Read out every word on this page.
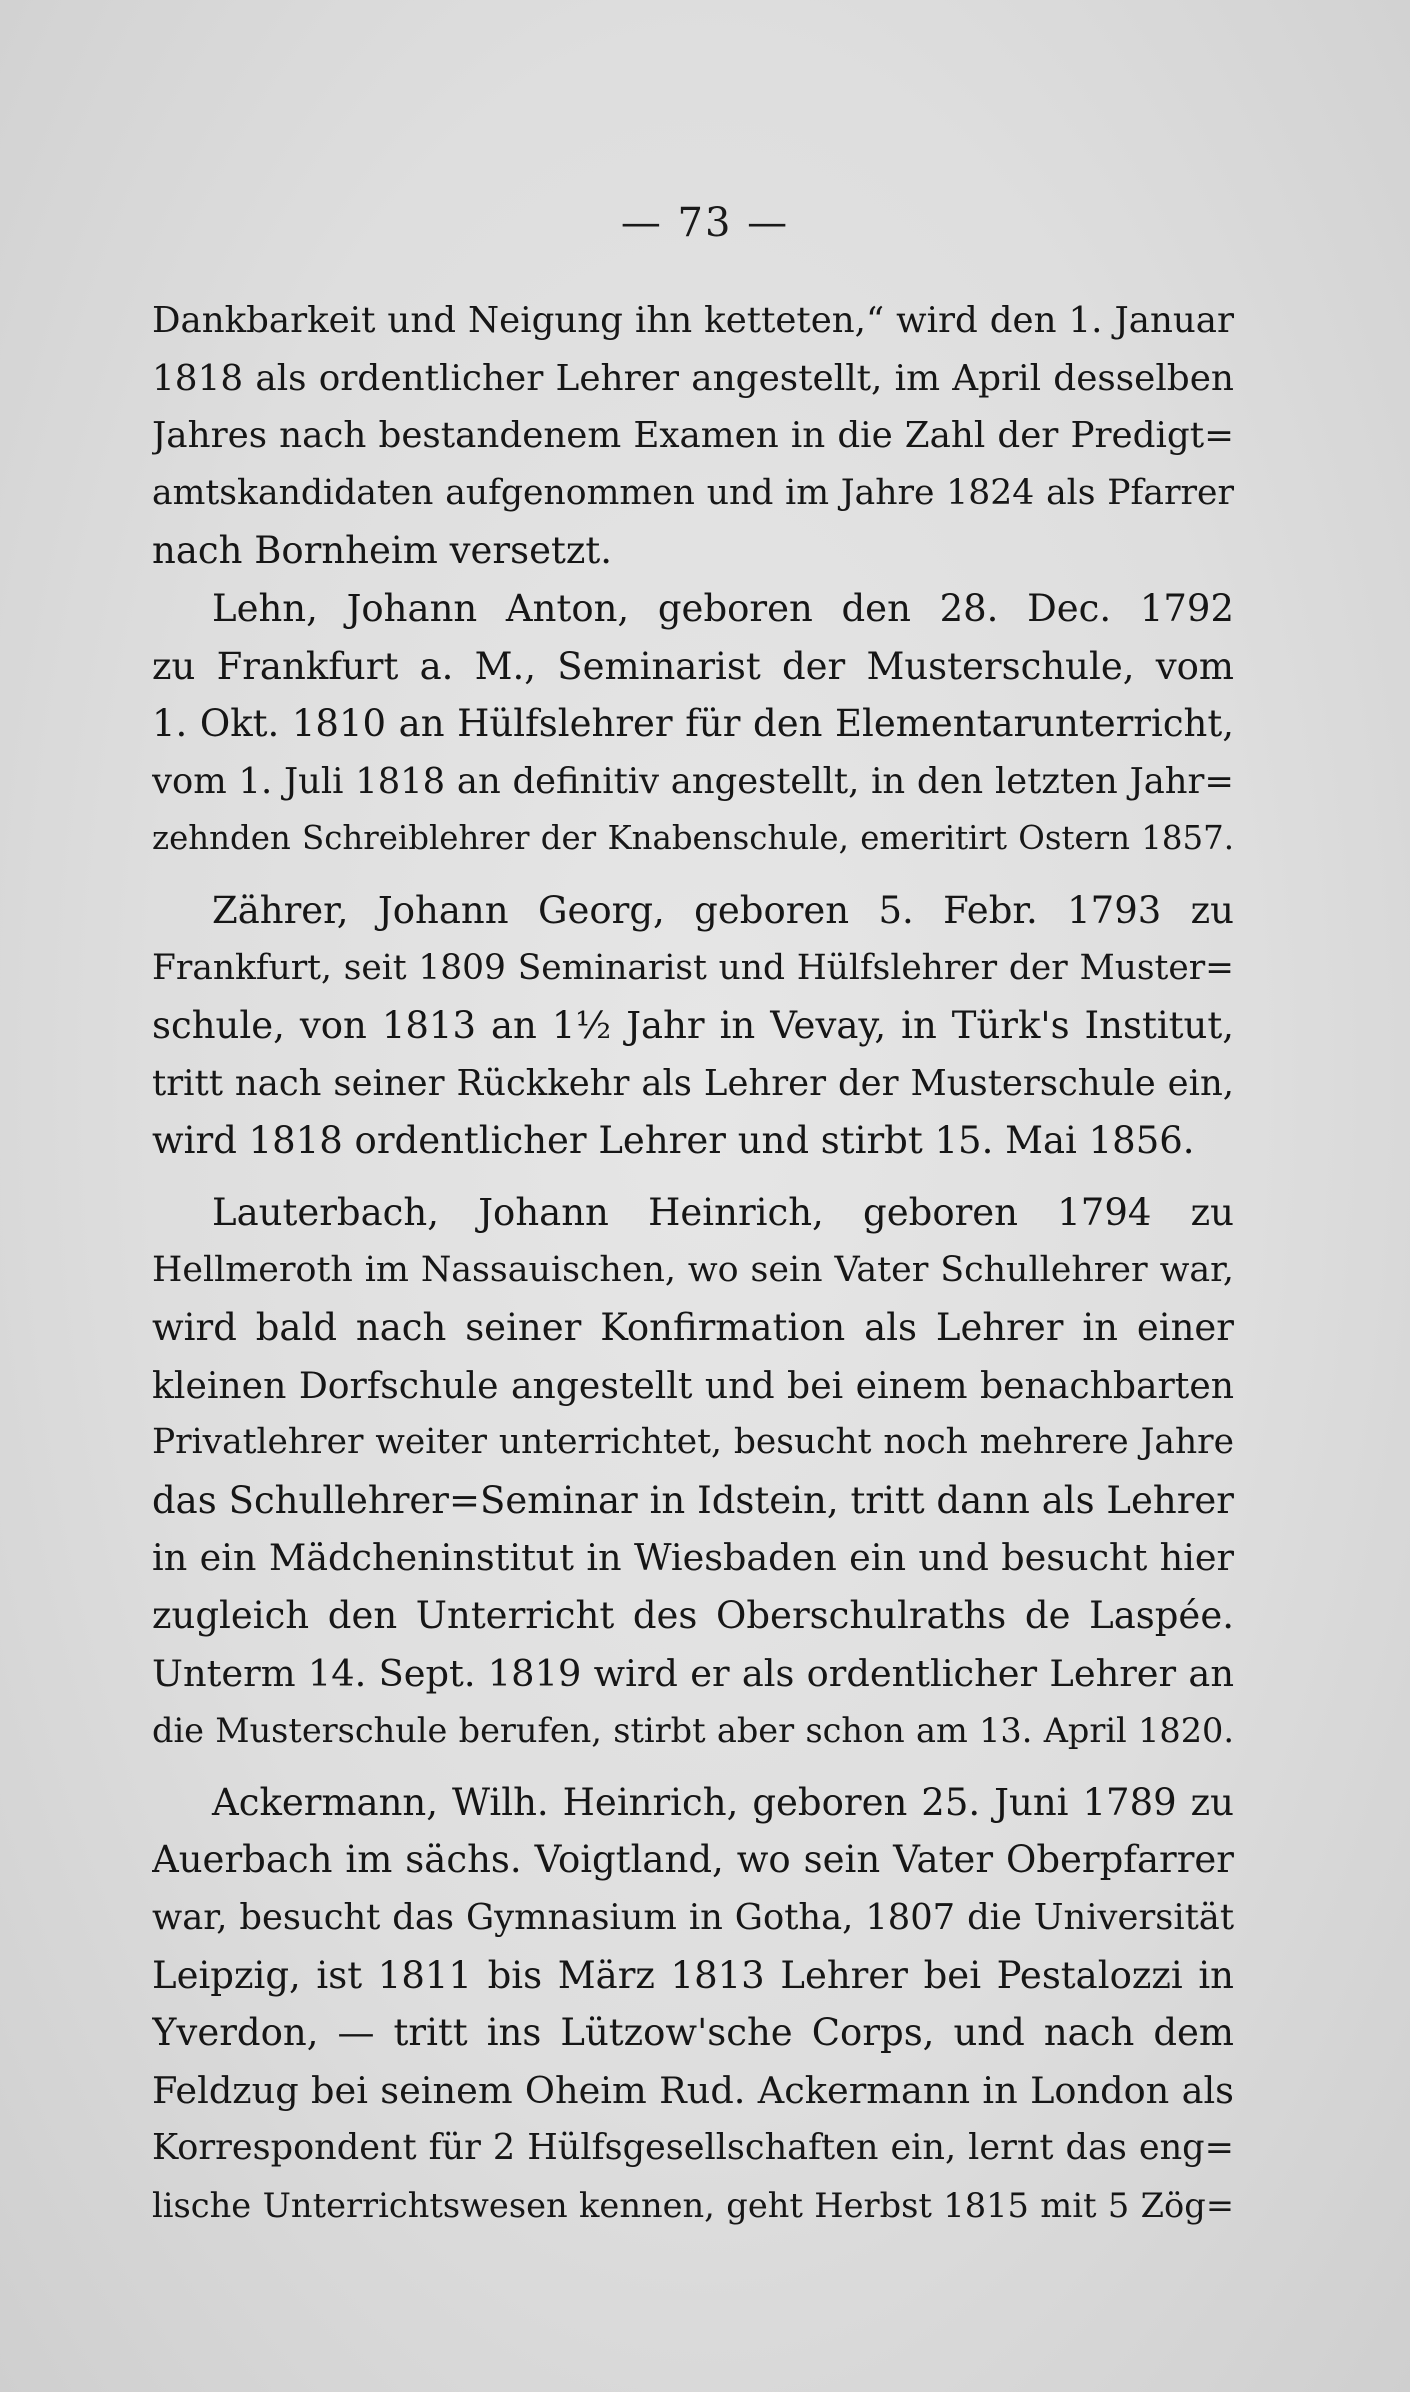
— 73 —
Dankbarkeit und Neigung ihn ketteten,“ wird den 1. Januar
1818 als ordentlicher Lehrer angestellt, im April desselben
Jahres nach bestandenem Examen in die Zahl der Predigt=
amtskandidaten aufgenommen und im Jahre 1824 als Pfarrer
nach Bornheim versetzt.
Lehn, Johann Anton, geboren den 28. Dec. 1792
zu Frankfurt a. M., Seminarist der Musterschule, vom
1. Okt. 1810 an Hülfslehrer für den Elementarunterricht,
vom 1. Juli 1818 an definitiv angestellt, in den letzten Jahr=
zehnden Schreiblehrer der Knabenschule, emeritirt Ostern 1857.
Zährer, Johann Georg, geboren 5. Febr. 1793 zu
Frankfurt, seit 1809 Seminarist und Hülfslehrer der Muster=
schule, von 1813 an 1½ Jahr in Vevay, in Türk's Institut,
tritt nach seiner Rückkehr als Lehrer der Musterschule ein,
wird 1818 ordentlicher Lehrer und stirbt 15. Mai 1856.
Lauterbach, Johann Heinrich, geboren 1794 zu
Hellmeroth im Nassauischen, wo sein Vater Schullehrer war,
wird bald nach seiner Konfirmation als Lehrer in einer
kleinen Dorfschule angestellt und bei einem benachbarten
Privatlehrer weiter unterrichtet, besucht noch mehrere Jahre
das Schullehrer=Seminar in Idstein, tritt dann als Lehrer
in ein Mädcheninstitut in Wiesbaden ein und besucht hier
zugleich den Unterricht des Oberschulraths de Laspée.
Unterm 14. Sept. 1819 wird er als ordentlicher Lehrer an
die Musterschule berufen, stirbt aber schon am 13. April 1820.
Ackermann, Wilh. Heinrich, geboren 25. Juni 1789 zu
Auerbach im sächs. Voigtland, wo sein Vater Oberpfarrer
war, besucht das Gymnasium in Gotha, 1807 die Universität
Leipzig, ist 1811 bis März 1813 Lehrer bei Pestalozzi in
Yverdon, — tritt ins Lützow'sche Corps, und nach dem
Feldzug bei seinem Oheim Rud. Ackermann in London als
Korrespondent für 2 Hülfsgesellschaften ein, lernt das eng=
lische Unterrichtswesen kennen, geht Herbst 1815 mit 5 Zög=
